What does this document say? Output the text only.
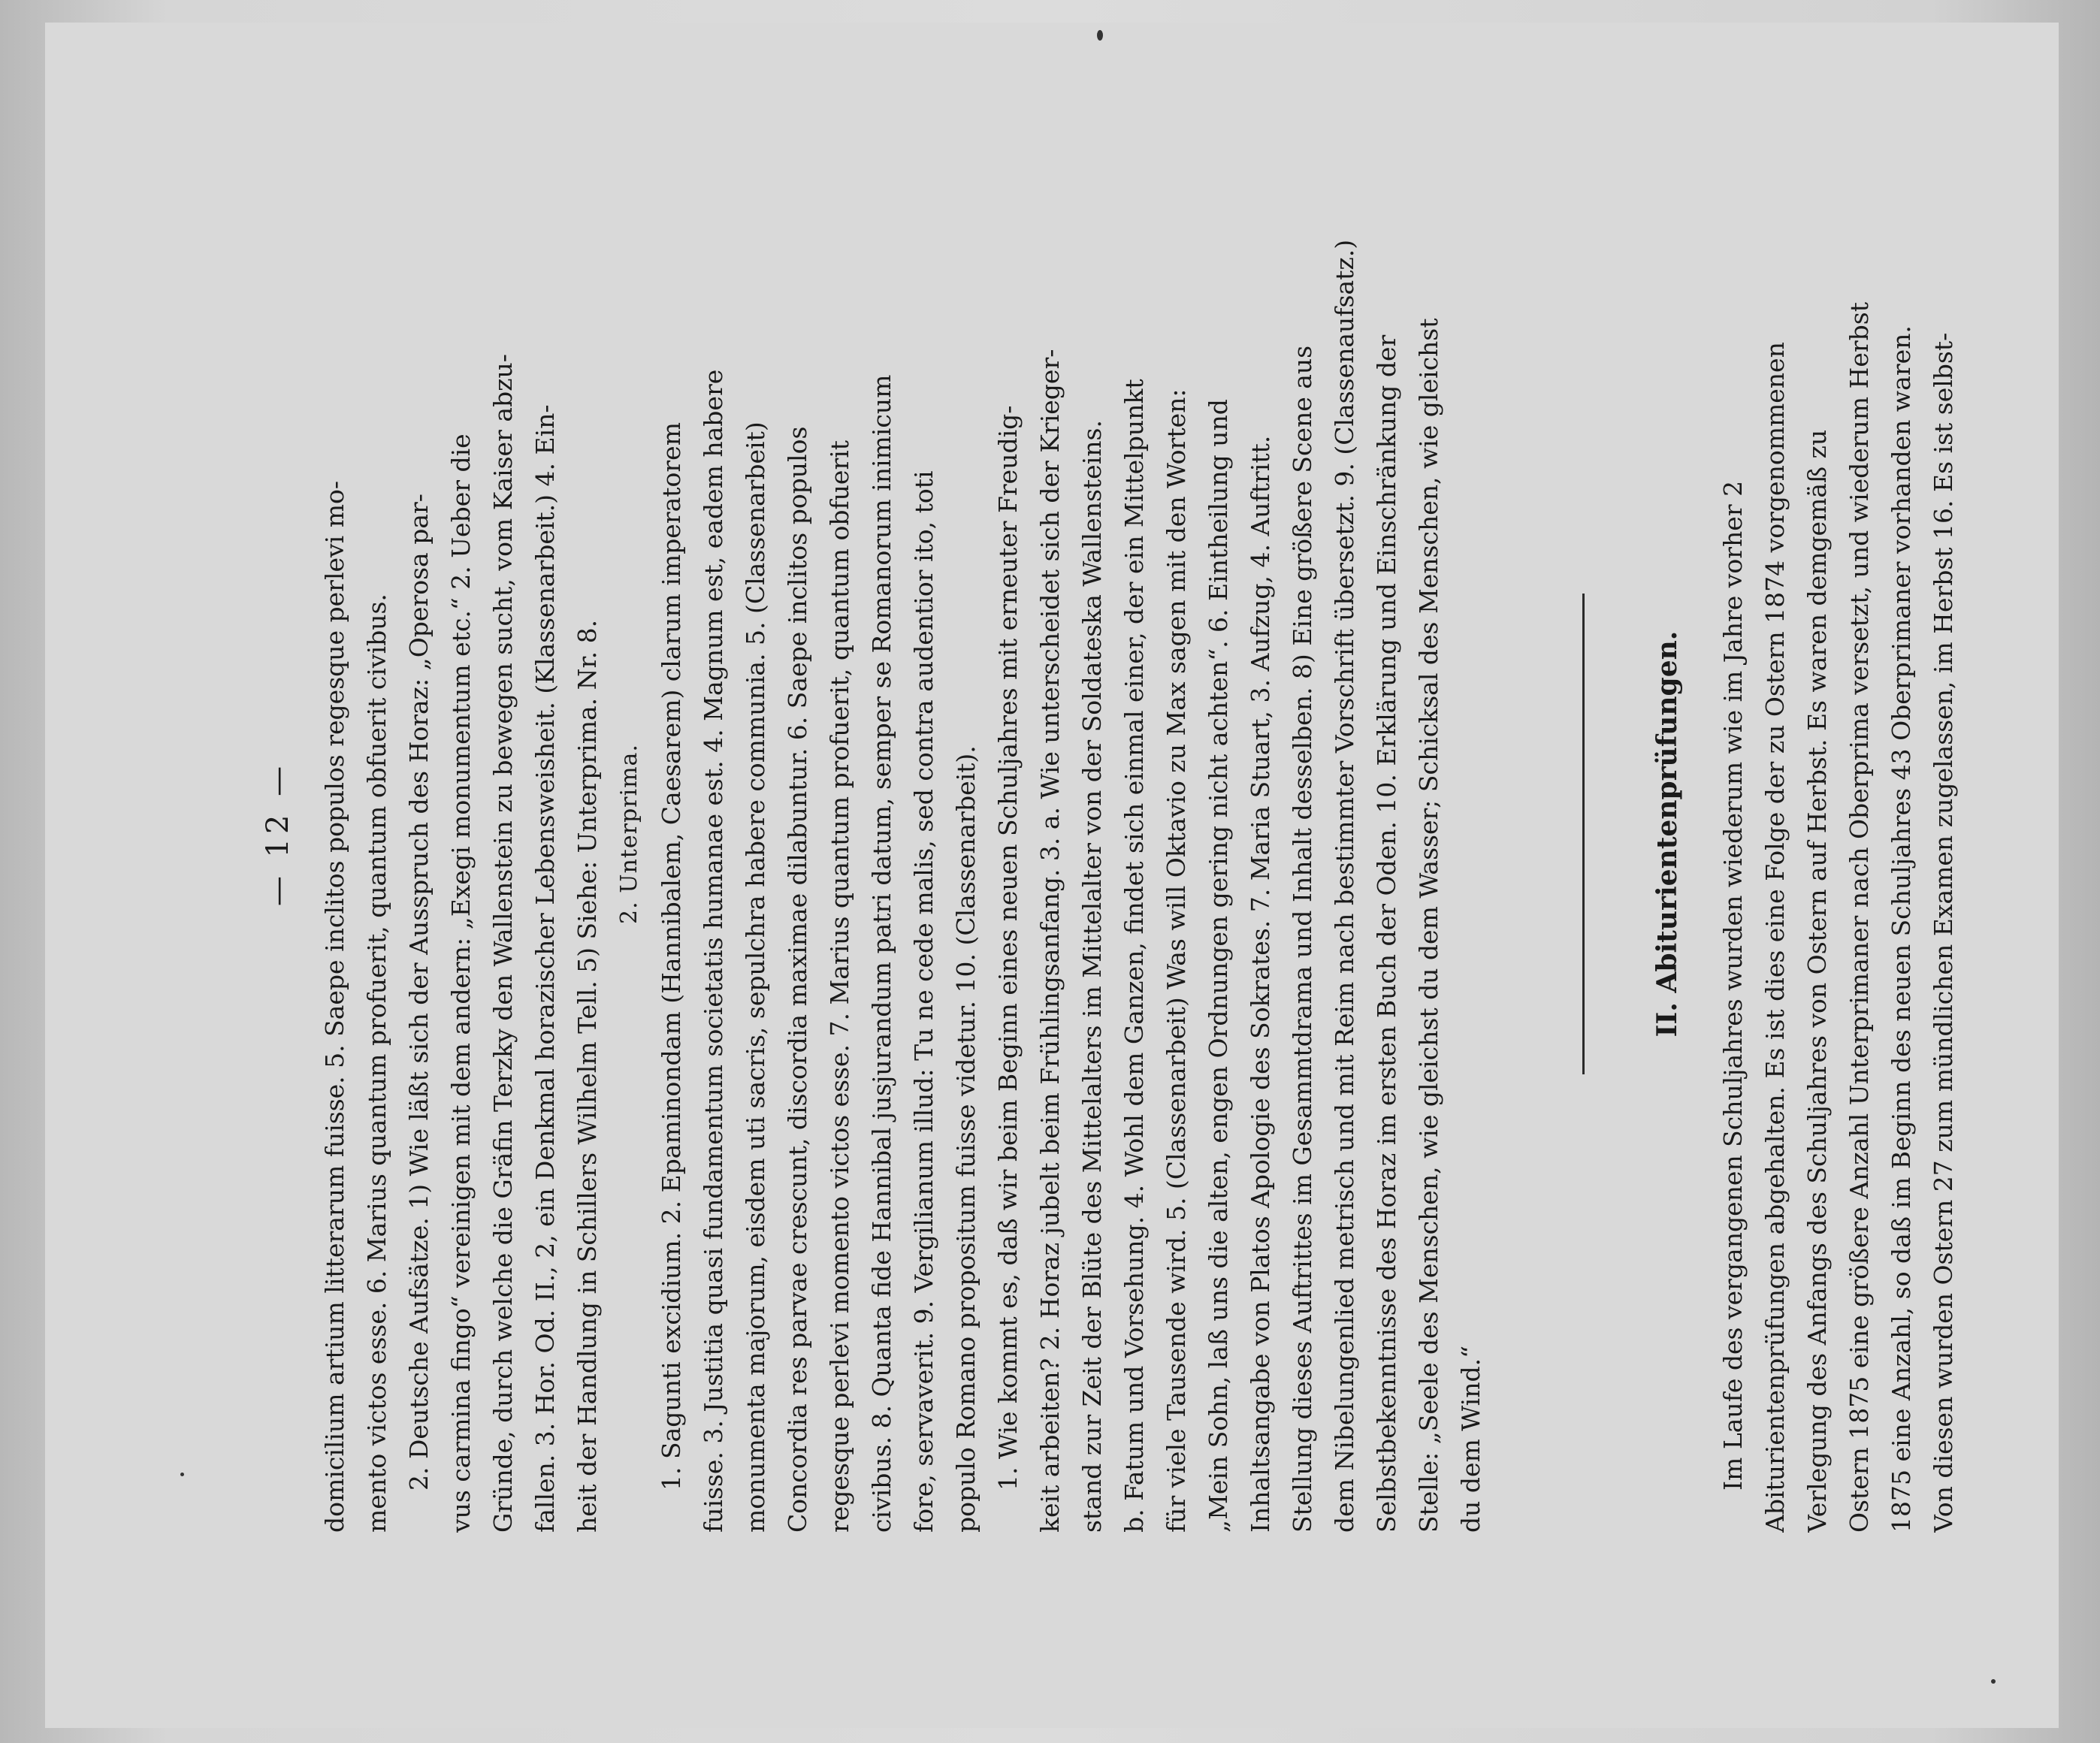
— 12 — domicilium artium litterarum fuisse. 5. Saepe inclitos populos regesque perlevi mo- mento victos esse. 6. Marius quantum profuerit, quantum obfuerit civibus. 2. Deutsche Aufsätze. 1) Wie läßt sich der Ausspruch des Horaz: „Operosa par- vus carmina fingo“ vereinigen mit dem andern: „Exegi monumentum etc.“ 2. Ueber die Gründe, durch welche die Gräfin Terzky den Wallenstein zu bewegen sucht, vom Kaiser abzu- fallen. 3. Hor. Od. II., 2, ein Denkmal horazischer Lebensweisheit. (Klassenarbeit.) 4. Ein- heit der Handlung in Schillers Wilhelm Tell. 5) Siehe: Unterprima. Nr. 8. 2. Unterprima. 1. Sagunti excidium. 2. Epaminondam (Hannibalem, Caesarem) clarum imperatorem fuisse. 3. Justitia quasi fundamentum societatis humanae est. 4. Magnum est, eadem habere monumenta majorum, eisdem uti sacris, sepulchra habere communia. 5. (Classenarbeit) Concordia res parvae crescunt, discordia maximae dilabuntur. 6. Saepe inclitos populos regesque perlevi momento victos esse. 7. Marius quantum profuerit, quantum obfuerit civibus. 8. Quanta fide Hannibal jusjurandum patri datum, semper se Romanorum inimicum fore, servaverit. 9. Vergilianum illud: Tu ne cede malis, sed contra audentior ito, toti populo Romano propositum fuisse videtur. 10. (Classenarbeit). 1. Wie kommt es, daß wir beim Beginn eines neuen Schuljahres mit erneuter Freudig- keit arbeiten? 2. Horaz jubelt beim Frühlingsanfang. 3. a. Wie unterscheidet sich der Krieger- stand zur Zeit der Blüte des Mittelalters im Mittelalter von der Soldateska Wallensteins. b. Fatum und Vorsehung. 4. Wohl dem Ganzen, findet sich einmal einer, der ein Mittelpunkt für viele Tausende wird. 5. (Classenarbeit) Was will Oktavio zu Max sagen mit den Worten: „Mein Sohn, laß uns die alten, engen Ordnungen gering nicht achten“. 6. Eintheilung und Inhaltsangabe von Platos Apologie des Sokrates. 7. Maria Stuart, 3. Aufzug, 4. Auftritt. Stellung dieses Auftrittes im Gesammtdrama und Inhalt desselben. 8) Eine größere Scene aus dem Nibelungenlied metrisch und mit Reim nach bestimmter Vorschrift übersetzt. 9. (Classenaufsatz.) Selbstbekenntnisse des Horaz im ersten Buch der Oden. 10. Erklärung und Einschränkung der Stelle: „Seele des Menschen, wie gleichst du dem Wasser; Schicksal des Menschen, wie gleichst du dem Wind.“
II. Abiturientenprüfungen. Im Laufe des vergangenen Schuljahres wurden wiederum wie im Jahre vorher 2 Abiturientenprüfungen abgehalten. Es ist dies eine Folge der zu Ostern 1874 vorgenommenen Verlegung des Anfangs des Schuljahres von Ostern auf Herbst. Es waren demgemäß zu Ostern 1875 eine größere Anzahl Unterprimaner nach Oberprima versetzt, und wiederum Herbst 1875 eine Anzahl, so daß im Beginn des neuen Schuljahres 43 Oberprimaner vorhanden waren. Von diesen wurden Ostern 27 zum mündlichen Examen zugelassen, im Herbst 16. Es ist selbst-
